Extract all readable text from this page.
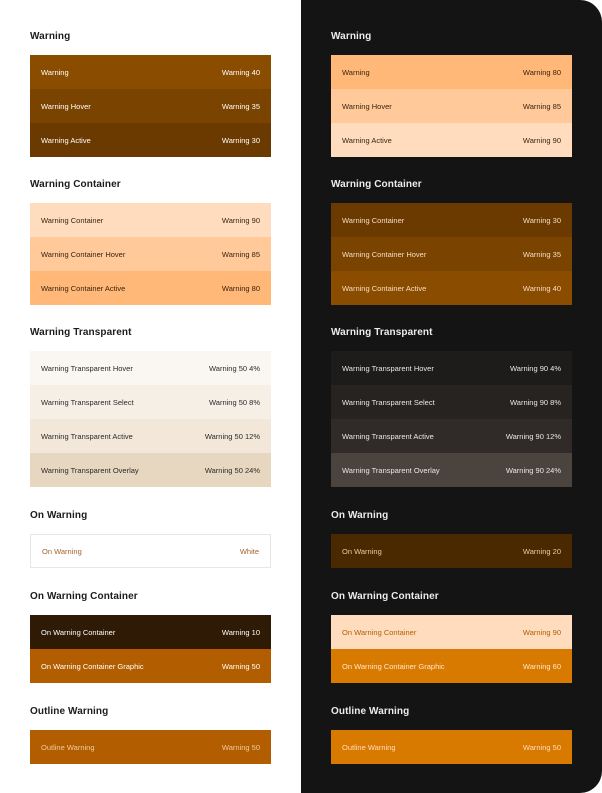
Warning
Warning	Warning 40
Warning Hover	Warning 35
Warning Active	Warning 30
Warning Container
Warning Container	Warning 90
Warning Container Hover	Warning 85
Warning Container Active	Warning 80
Warning Transparent
Warning Transparent Hover	Warning 50 4%
Warning Transparent Select	Warning 50 8%
Warning Transparent Active	Warning 50 12%
Warning Transparent Overlay	Warning 50 24%
On Warning
On Warning	White
On Warning Container
On Warning Container	Warning 10
On Warning Container Graphic	Warning 50
Outline Warning
Outline Warning	Warning 50
Warning
Warning	Warning 80
Warning Hover	Warning 85
Warning Active	Warning 90
Warning Container
Warning Container	Warning 30
Warning Container Hover	Warning 35
Warning Container Active	Warning 40
Warning Transparent
Warning Transparent Hover	Warning 90 4%
Warning Transparent Select	Warning 90 8%
Warning Transparent Active	Warning 90 12%
Warning Transparent Overlay	Warning 90 24%
On Warning
On Warning	Warning 20
On Warning Container
On Warning Container	Warning 90
On Warning Container Graphic	Warning 60
Outline Warning
Outline Warning	Warning 50
